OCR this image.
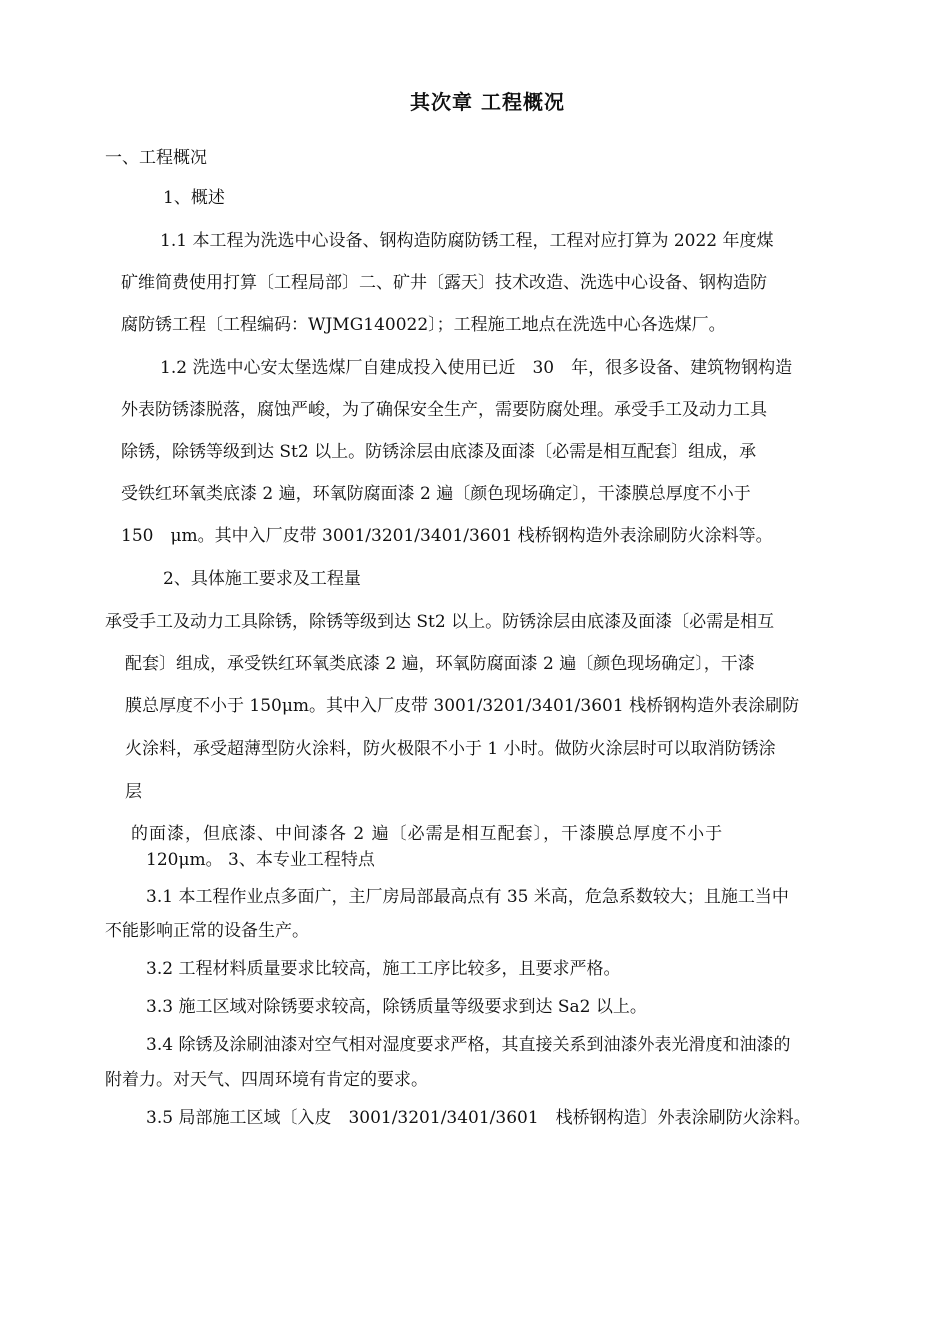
其次章 工程概况
一、工程概况
1、概述
1.1 本工程为洗选中心设备、钢构造防腐防锈工程，工程对应打算为 2022 年度煤
矿维简费使用打算〔工程局部〕二、矿井〔露天〕技术改造、洗选中心设备、钢构造防
腐防锈工程〔工程编码：WJMG140022〕；工程施工地点在洗选中心各选煤厂。
1.2 洗选中心安太堡选煤厂自建成投入使用已近　30　年，很多设备、建筑物钢构造
外表防锈漆脱落，腐蚀严峻，为了确保安全生产，需要防腐处理。承受手工及动力工具
除锈，除锈等级到达 St2 以上。防锈涂层由底漆及面漆〔必需是相互配套〕组成，承
受铁红环氧类底漆 2 遍，环氧防腐面漆 2 遍〔颜色现场确定〕，干漆膜总厚度不小于
150　μm。其中入厂皮带 3001/3201/3401/3601 栈桥钢构造外表涂刷防火涂料等。
2、具体施工要求及工程量
承受手工及动力工具除锈，除锈等级到达 St2 以上。防锈涂层由底漆及面漆〔必需是相互
配套〕组成，承受铁红环氧类底漆 2 遍，环氧防腐面漆 2 遍〔颜色现场确定〕，干漆
膜总厚度不小于 150μm。其中入厂皮带 3001/3201/3401/3601 栈桥钢构造外表涂刷防
火涂料，承受超薄型防火涂料，防火极限不小于 1 小时。做防火涂层时可以取消防锈涂
层
的面漆，但底漆、中间漆各 2 遍〔必需是相互配套〕，干漆膜总厚度不小于
120μm。 3、本专业工程特点
3.1 本工程作业点多面广，主厂房局部最高点有 35 米高，危急系数较大；且施工当中
不能影响正常的设备生产。
3.2 工程材料质量要求比较高，施工工序比较多，且要求严格。
3.3 施工区域对除锈要求较高，除锈质量等级要求到达 Sa2 以上。
3.4 除锈及涂刷油漆对空气相对湿度要求严格，其直接关系到油漆外表光滑度和油漆的
附着力。对天气、四周环境有肯定的要求。
3.5 局部施工区域〔入皮　3001/3201/3401/3601　栈桥钢构造〕外表涂刷防火涂料。
